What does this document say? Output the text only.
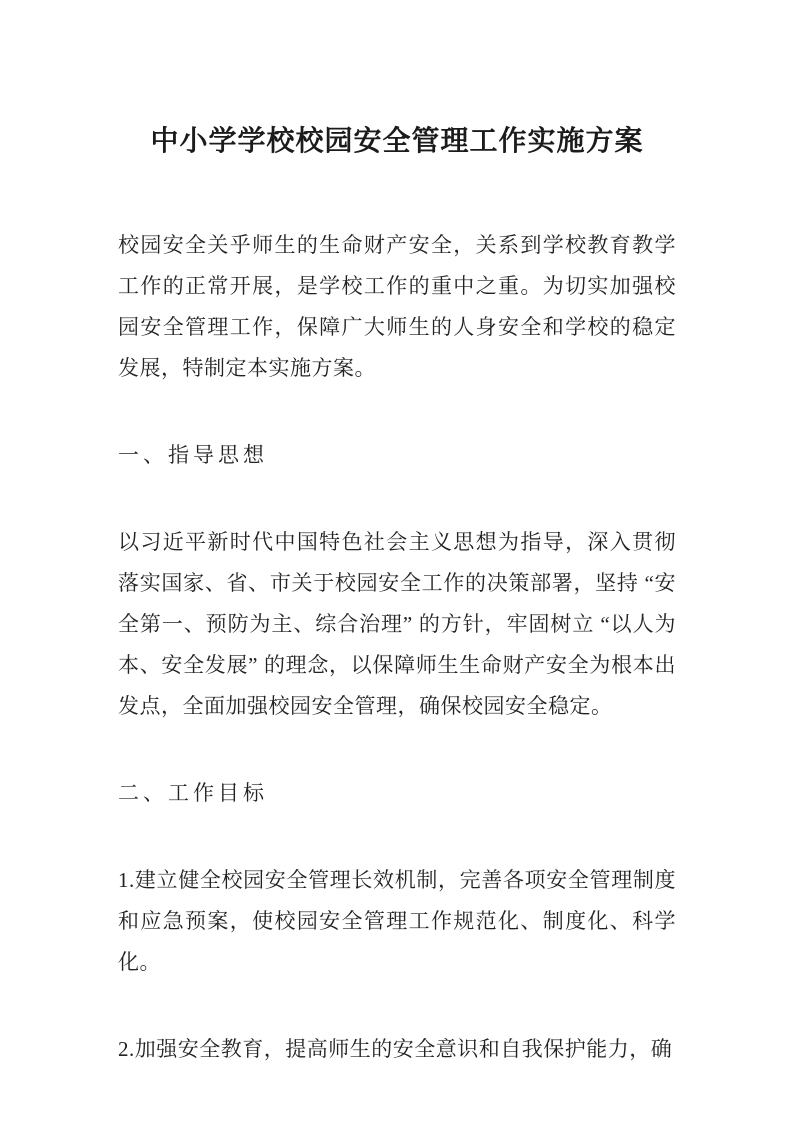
中小学学校校园安全管理工作实施方案

校园安全关乎师生的生命财产安全，关系到学校教育教学工作的正常开展，是学校工作的重中之重。为切实加强校园安全管理工作，保障广大师生的人身安全和学校的稳定发展，特制定本实施方案。

一、指导思想

以习近平新时代中国特色社会主义思想为指导，深入贯彻落实国家、省、市关于校园安全工作的决策部署，坚持 “安全第一、预防为主、综合治理” 的方针，牢固树立 “以人为本、安全发展” 的理念，以保障师生生命财产安全为根本出发点，全面加强校园安全管理，确保校园安全稳定。

二、工作目标

1.建立健全校园安全管理长效机制，完善各项安全管理制度和应急预案，使校园安全管理工作规范化、制度化、科学化。

2.加强安全教育，提高师生的安全意识和自我保护能力，确
